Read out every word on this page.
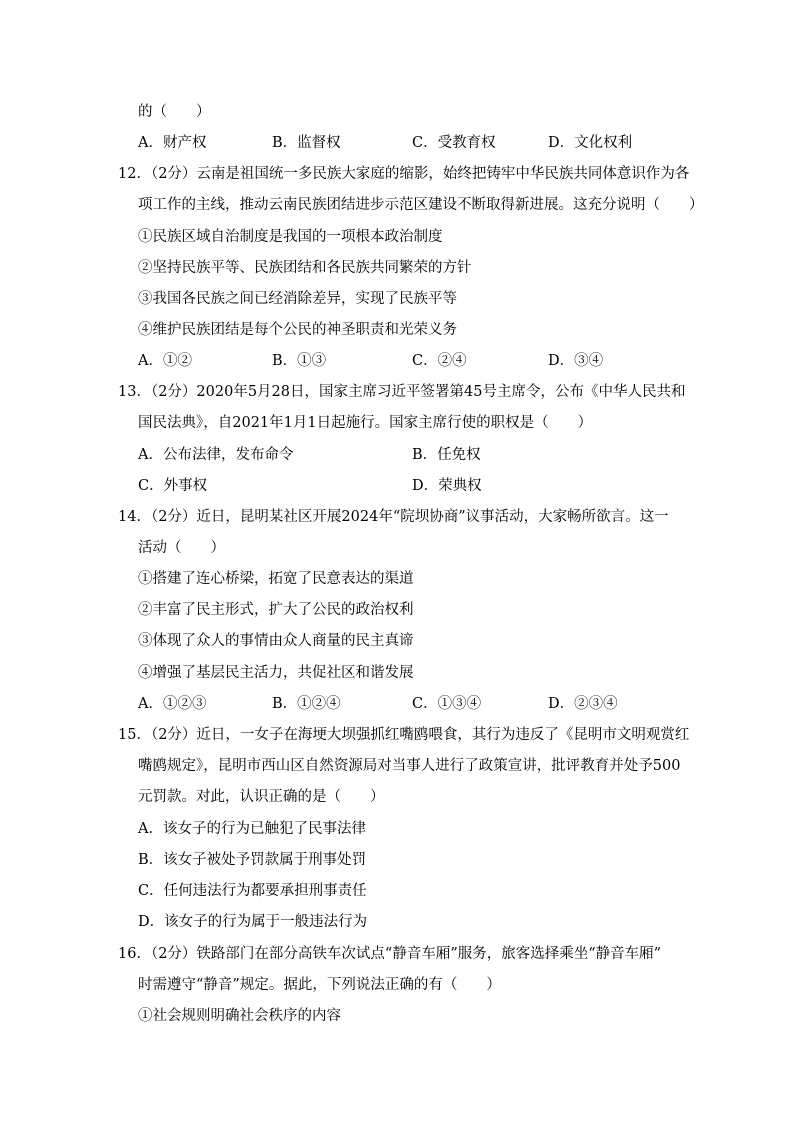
的（　　）
A．财产权	B．监督权	C．受教育权	D．文化权利
12．（2分）云南是祖国统一多民族大家庭的缩影，始终把铸牢中华民族共同体意识作为各
项工作的主线，推动云南民族团结进步示范区建设不断取得新进展。这充分说明（　　）
①民族区域自治制度是我国的一项根本政治制度
②坚持民族平等、民族团结和各民族共同繁荣的方针
③我国各民族之间已经消除差异，实现了民族平等
④维护民族团结是每个公民的神圣职责和光荣义务
A．①②	B．①③	C．②④	D．③④
13．（2分）2020年5月28日，国家主席习近平签署第45号主席令，公布《中华人民共和
国民法典》，自2021年1月1日起施行。国家主席行使的职权是（　　）
A．公布法律，发布命令	B．任免权
C．外事权	D．荣典权
14．（2分）近日，昆明某社区开展2024年“院坝协商”议事活动，大家畅所欲言。这一
活动（　　）
①搭建了连心桥梁，拓宽了民意表达的渠道
②丰富了民主形式，扩大了公民的政治权利
③体现了众人的事情由众人商量的民主真谛
④增强了基层民主活力，共促社区和谐发展
A．①②③	B．①②④	C．①③④	D．②③④
15．（2分）近日，一女子在海埂大坝强抓红嘴鸥喂食，其行为违反了《昆明市文明观赏红
嘴鸥规定》，昆明市西山区自然资源局对当事人进行了政策宣讲，批评教育并处予500
元罚款。对此，认识正确的是（　　）
A．该女子的行为已触犯了民事法律
B．该女子被处予罚款属于刑事处罚
C．任何违法行为都要承担刑事责任
D．该女子的行为属于一般违法行为
16．（2分）铁路部门在部分高铁车次试点“静音车厢”服务，旅客选择乘坐“静音车厢”
时需遵守“静音”规定。据此，下列说法正确的有（　　）
①社会规则明确社会秩序的内容
